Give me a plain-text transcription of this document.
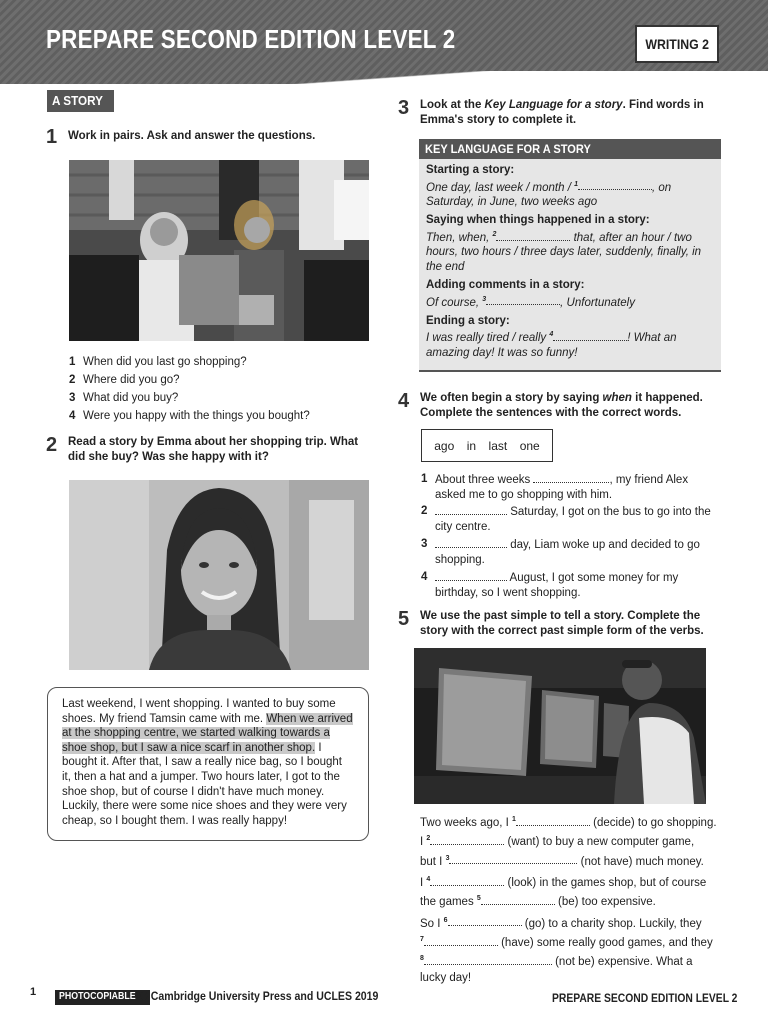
PREPARE SECOND EDITION LEVEL 2	WRITING 2
A STORY
1 Work in pairs. Ask and answer the questions.
1 When did you last go shopping?
2 Where did you go?
3 What did you buy?
4 Were you happy with the things you bought?
2 Read a story by Emma about her shopping trip. What did she buy? Was she happy with it?
Last weekend, I went shopping. I wanted to buy some shoes. My friend Tamsin came with me. When we arrived at the shopping centre, we started walking towards a shoe shop, but I saw a nice scarf in another shop. I bought it. After that, I saw a really nice bag, so I bought it, then a hat and a jumper. Two hours later, I got to the shoe shop, but of course I didn't have much money. Luckily, there were some nice shoes and they were very cheap, so I bought them. I was really happy!
3 Look at the Key Language for a story. Find words in Emma's story to complete it.
KEY LANGUAGE FOR A STORY
Starting a story:
One day, last week / month / $^1$	, on Saturday, in June, two weeks ago
Saying when things happened in a story:
Then, when, $^2$	that, after an hour / two hours, two hours / three days later, suddenly, finally, in the end
Adding comments in a story:
Of course, $^3$	, Unfortunately
Ending a story:
I was really tired / really $^4$	! What an amazing day! It was so funny!
4 We often begin a story by saying when it happened. Complete the sentences with the correct words.
ago in last one
1 About three weeks	, my friend Alex asked me to go shopping with him.
2	Saturday, I got on the bus to go into the city centre.
3	day, Liam woke up and decided to go shopping.
4	August, I got some money for my birthday, so I went shopping.
5 We use the past simple to tell a story. Complete the story with the correct past simple form of the verbs.

Two weeks ago, I $^1$	(decide) to go shopping.
I $^2$	(want) to buy a new computer game,
but I $^3$	(not have) much money.

I $^4$	(look) in the games shop, but of course
the games $^5$	(be) too expensive.

So I $^6$	(go) to a charity shop. Luckily, they
$^7$	(have) some really good games, and they
$^8$	(not be) expensive. What a
lucky day!

1	PHOTOCOPIABLE © Cambridge University Press and UCLES 2019	PREPARE SECOND EDITION LEVEL 2
